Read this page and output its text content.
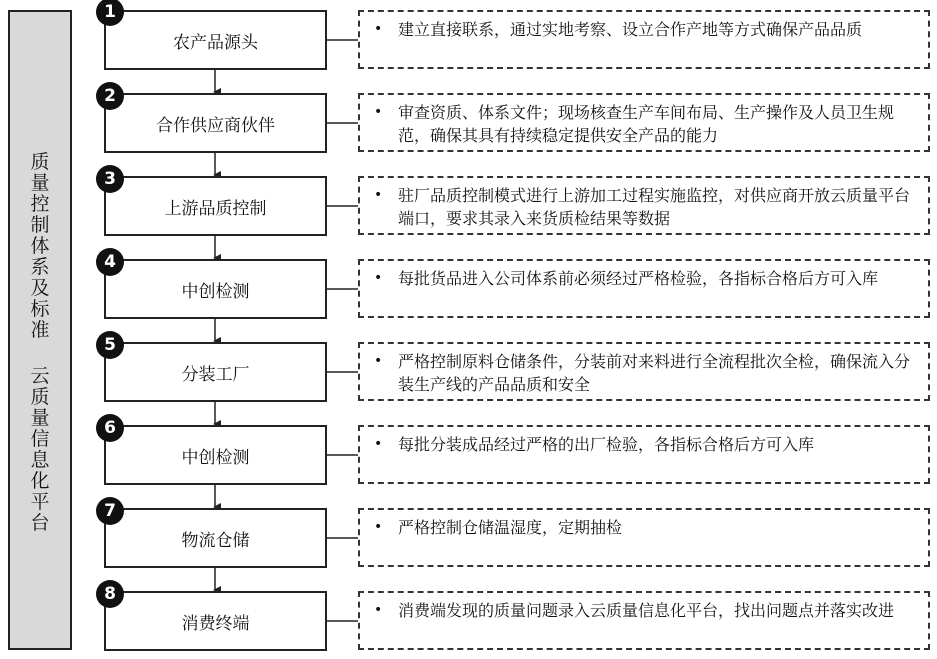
质量控制体系及标准
云质量信息化平台
农产品源头
1
• 建立直接联系，通过实地考察、设立合作产地等方式确保产品品质
合作供应商伙伴
2
• 审查资质、体系文件；现场核查生产车间布局、生产操作及人员卫生规范，确保其具有持续稳定提供安全产品的能力
上游品质控制
3
• 驻厂品质控制模式进行上游加工过程实施监控，对供应商开放云质量平台端口，要求其录入来货质检结果等数据
中创检测
4
• 每批货品进入公司体系前必须经过严格检验，各指标合格后方可入库
分装工厂
5
• 严格控制原料仓储条件，分装前对来料进行全流程批次全检，确保流入分装生产线的产品品质和安全
中创检测
6
• 每批分装成品经过严格的出厂检验，各指标合格后方可入库
物流仓储
7
• 严格控制仓储温湿度，定期抽检
消费终端
8
• 消费端发现的质量问题录入云质量信息化平台，找出问题点并落实改进
